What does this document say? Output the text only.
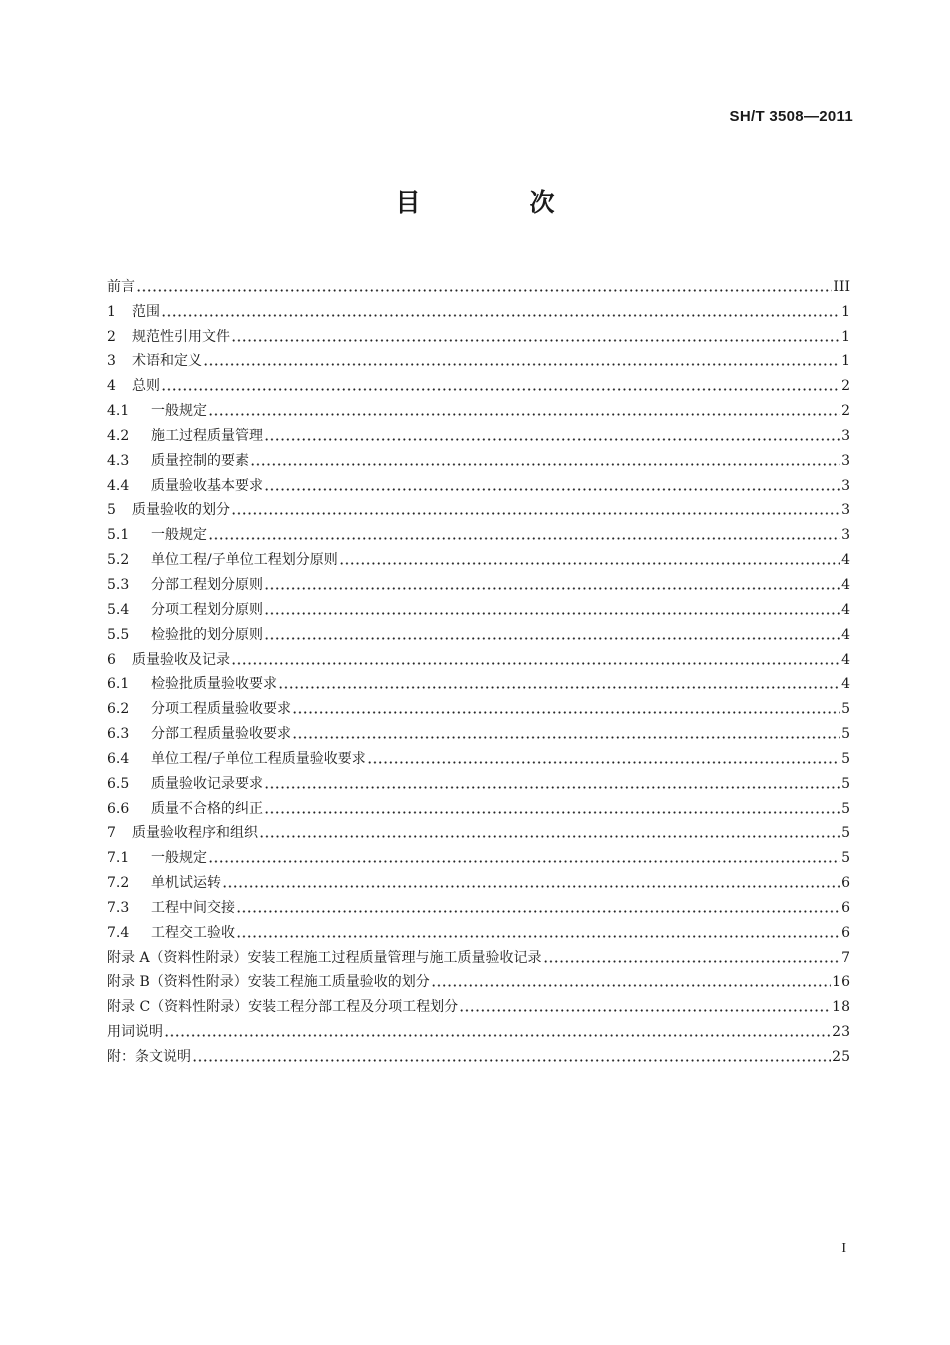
SH/T 3508—2011
目　次
前言	III
1	范围	1
2	规范性引用文件	1
3	术语和定义	1
4	总则	2
4.1	一般规定	2
4.2	施工过程质量管理	3
4.3	质量控制的要素	3
4.4	质量验收基本要求	3
5	质量验收的划分	3
5.1	一般规定	3
5.2	单位工程/子单位工程划分原则	4
5.3	分部工程划分原则	4
5.4	分项工程划分原则	4
5.5	检验批的划分原则	4
6	质量验收及记录	4
6.1	检验批质量验收要求	4
6.2	分项工程质量验收要求	5
6.3	分部工程质量验收要求	5
6.4	单位工程/子单位工程质量验收要求	5
6.5	质量验收记录要求	5
6.6	质量不合格的纠正	5
7	质量验收程序和组织	5
7.1	一般规定	5
7.2	单机试运转	6
7.3	工程中间交接	6
7.4	工程交工验收	6
附录 A（资料性附录）安装工程施工过程质量管理与施工质量验收记录	7
附录 B（资料性附录）安装工程施工质量验收的划分	16
附录 C（资料性附录）安装工程分部工程及分项工程划分	18
用词说明	23
附：条文说明	25
I
